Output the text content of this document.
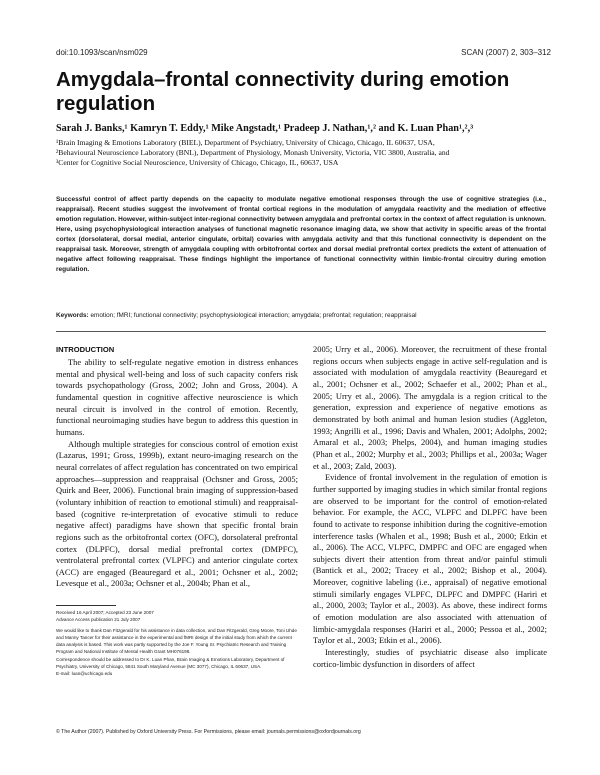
doi:10.1093/scan/nsm029	SCAN (2007) 2, 303–312
Amygdala–frontal connectivity during emotion regulation
Sarah J. Banks,¹ Kamryn T. Eddy,¹ Mike Angstadt,¹ Pradeep J. Nathan,¹,² and K. Luan Phan¹,²,³
¹Brain Imaging & Emotions Laboratory (BIEL), Department of Psychiatry, University of Chicago, Chicago, IL 60637, USA,
²Behavioural Neuroscience Laboratory (BNL), Department of Physiology, Monash University, Victoria, VIC 3800, Australia, and
³Center for Cognitive Social Neuroscience, University of Chicago, Chicago, IL, 60637, USA
Successful control of affect partly depends on the capacity to modulate negative emotional responses through the use of cognitive strategies (i.e., reappraisal). Recent studies suggest the involvement of frontal cortical regions in the modulation of amygdala reactivity and the mediation of effective emotion regulation. However, within-subject inter-regional connectivity between amygdala and prefrontal cortex in the context of affect regulation is unknown. Here, using psychophysiological interaction analyses of functional magnetic resonance imaging data, we show that activity in specific areas of the frontal cortex (dorsolateral, dorsal medial, anterior cingulate, orbital) covaries with amygdala activity and that this functional connectivity is dependent on the reappraisal task. Moreover, strength of amygdala coupling with orbitofrontal cortex and dorsal medial prefrontal cortex predicts the extent of attenuation of negative affect following reappraisal. These findings highlight the importance of functional connectivity within limbic-frontal circuitry during emotion regulation.
Keywords: emotion; fMRI; functional connectivity; psychophysiological interaction; amygdala; prefrontal; regulation; reappraisal
INTRODUCTION

The ability to self-regulate negative emotion in distress enhances mental and physical well-being and loss of such capacity confers risk towards psychopathology (Gross, 2002; John and Gross, 2004). A fundamental question in cognitive affective neuroscience is which neural circuit is involved in the control of emotion. Recently, functional neuroimaging studies have begun to address this question in humans.

Although multiple strategies for conscious control of emotion exist (Lazarus, 1991; Gross, 1999b), extant neuro-imaging research on the neural correlates of affect regulation has concentrated on two empirical approaches—suppression and reappraisal (Ochsner and Gross, 2005; Quirk and Beer, 2006). Functional brain imaging of suppression-based (voluntary inhibition of reaction to emotional stimuli) and reappraisal-based (cognitive re-interpretation of evocative stimuli to reduce negative affect) paradigms have shown that specific frontal brain regions such as the orbitofrontal cortex (OFC), dorsolateral prefrontal cortex (DLPFC), dorsal medial prefrontal cortex (DMPFC), ventrolateral prefrontal cortex (VLPFC) and anterior cingulate cortex (ACC) are engaged (Beauregard et al., 2001; Ochsner et al., 2002; Levesque et al., 2003a; Ochsner et al., 2004b; Phan et al.,

2005; Urry et al., 2006). Moreover, the recruitment of these frontal regions occurs when subjects engage in active self-regulation and is associated with modulation of amygdala reactivity (Beauregard et al., 2001; Ochsner et al., 2002; Schaefer et al., 2002; Phan et al., 2005; Urry et al., 2006). The amygdala is a region critical to the generation, expression and experience of negative emotions as demonstrated by both animal and human lesion studies (Aggleton, 1993; Angrilli et al., 1996; Davis and Whalen, 2001; Adolphs, 2002; Amaral et al., 2003; Phelps, 2004), and human imaging studies (Phan et al., 2002; Murphy et al., 2003; Phillips et al., 2003a; Wager et al., 2003; Zald, 2003).

Evidence of frontal involvement in the regulation of emotion is further supported by imaging studies in which similar frontal regions are observed to be important for the control of emotion-related behavior. For example, the ACC, VLPFC and DLPFC have been found to activate to response inhibition during the cognitive-emotion interference tasks (Whalen et al., 1998; Bush et al., 2000; Etkin et al., 2006). The ACC, VLPFC, DMPFC and OFC are engaged when subjects divert their attention from threat and/or painful stimuli (Bantick et al., 2002; Tracey et al., 2002; Bishop et al., 2004). Moreover, cognitive labeling (i.e., appraisal) of negative emotional stimuli similarly engages VLPFC, DLPFC and DMPFC (Hariri et al., 2000, 2003; Taylor et al., 2003). As above, these indirect forms of emotion modulation are also associated with attenuation of limbic-amygdala responses (Hariri et al., 2000; Pessoa et al., 2002; Taylor et al., 2003; Etkin et al., 2006).

Interestingly, studies of psychiatric disease also implicate cortico-limbic dysfunction in disorders of affect

Received 16 April 2007; Accepted 23 June 2007

Advance Access publication 21 July 2007

We would like to thank Dan Fitzgerald for his assistance in data collection, and Dan Fitzgerald, Greg Moore, Toni Uhde and Manny Tancer for their assistance in the experimental and fMRI design of the initial study from which the current data analysis is based. This work was partly supported by the Joe F. Young Sr. Psychiatric Research and Training Program and National Institute of Mental Health Grant MH076198.

Correspondence should be addressed to Dr K. Luan Phan, Brain Imaging & Emotions Laboratory, Department of Psychiatry, University of Chicago, 5841 South Maryland Avenue (MC 3077), Chicago, IL 60637, USA.

E-mail: luan@uchicago.edu

© The Author (2007). Published by Oxford University Press. For Permissions, please email: journals.permissions@oxfordjournals.org
